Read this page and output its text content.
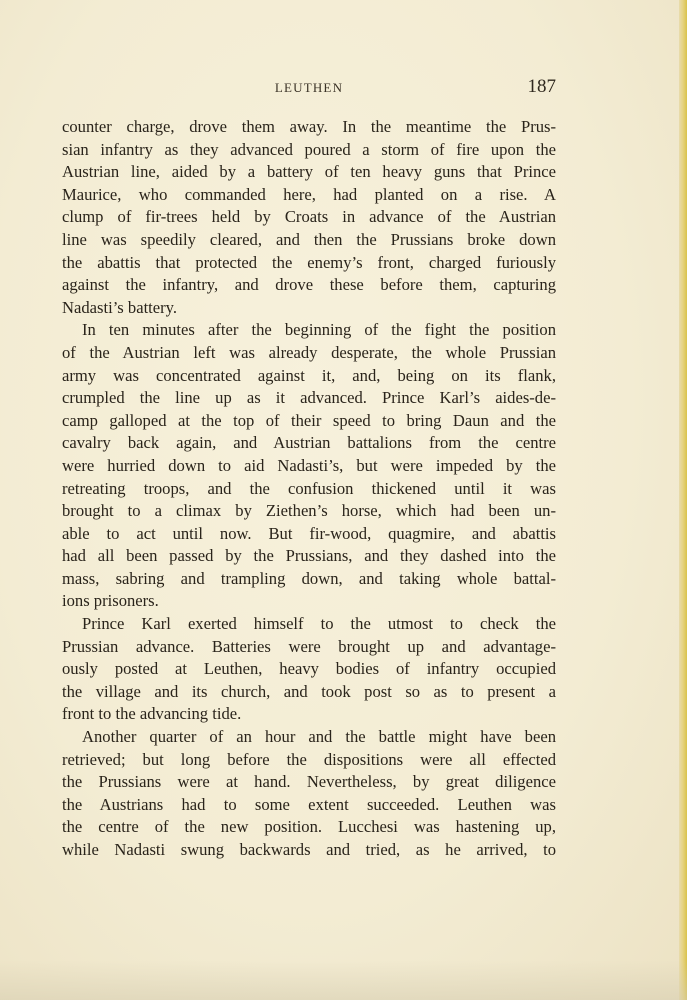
LEUTHEN	187
counter charge, drove them away. In the meantime the Prus-
sian infantry as they advanced poured a storm of fire upon the
Austrian line, aided by a battery of ten heavy guns that Prince
Maurice, who commanded here, had planted on a rise. A
clump of fir-trees held by Croats in advance of the Austrian
line was speedily cleared, and then the Prussians broke down
the abattis that protected the enemy’s front, charged furiously
against the infantry, and drove these before them, capturing
Nadasti’s battery.
In ten minutes after the beginning of the fight the position
of the Austrian left was already desperate, the whole Prussian
army was concentrated against it, and, being on its flank,
crumpled the line up as it advanced. Prince Karl’s aides-de-
camp galloped at the top of their speed to bring Daun and the
cavalry back again, and Austrian battalions from the centre
were hurried down to aid Nadasti’s, but were impeded by the
retreating troops, and the confusion thickened until it was
brought to a climax by Ziethen’s horse, which had been un-
able to act until now. But fir-wood, quagmire, and abattis
had all been passed by the Prussians, and they dashed into the
mass, sabring and trampling down, and taking whole battal-
ions prisoners.
Prince Karl exerted himself to the utmost to check the
Prussian advance. Batteries were brought up and advantage-
ously posted at Leuthen, heavy bodies of infantry occupied
the village and its church, and took post so as to present a
front to the advancing tide.
Another quarter of an hour and the battle might have been
retrieved; but long before the dispositions were all effected
the Prussians were at hand. Nevertheless, by great diligence
the Austrians had to some extent succeeded. Leuthen was
the centre of the new position. Lucchesi was hastening up,
while Nadasti swung backwards and tried, as he arrived, to
